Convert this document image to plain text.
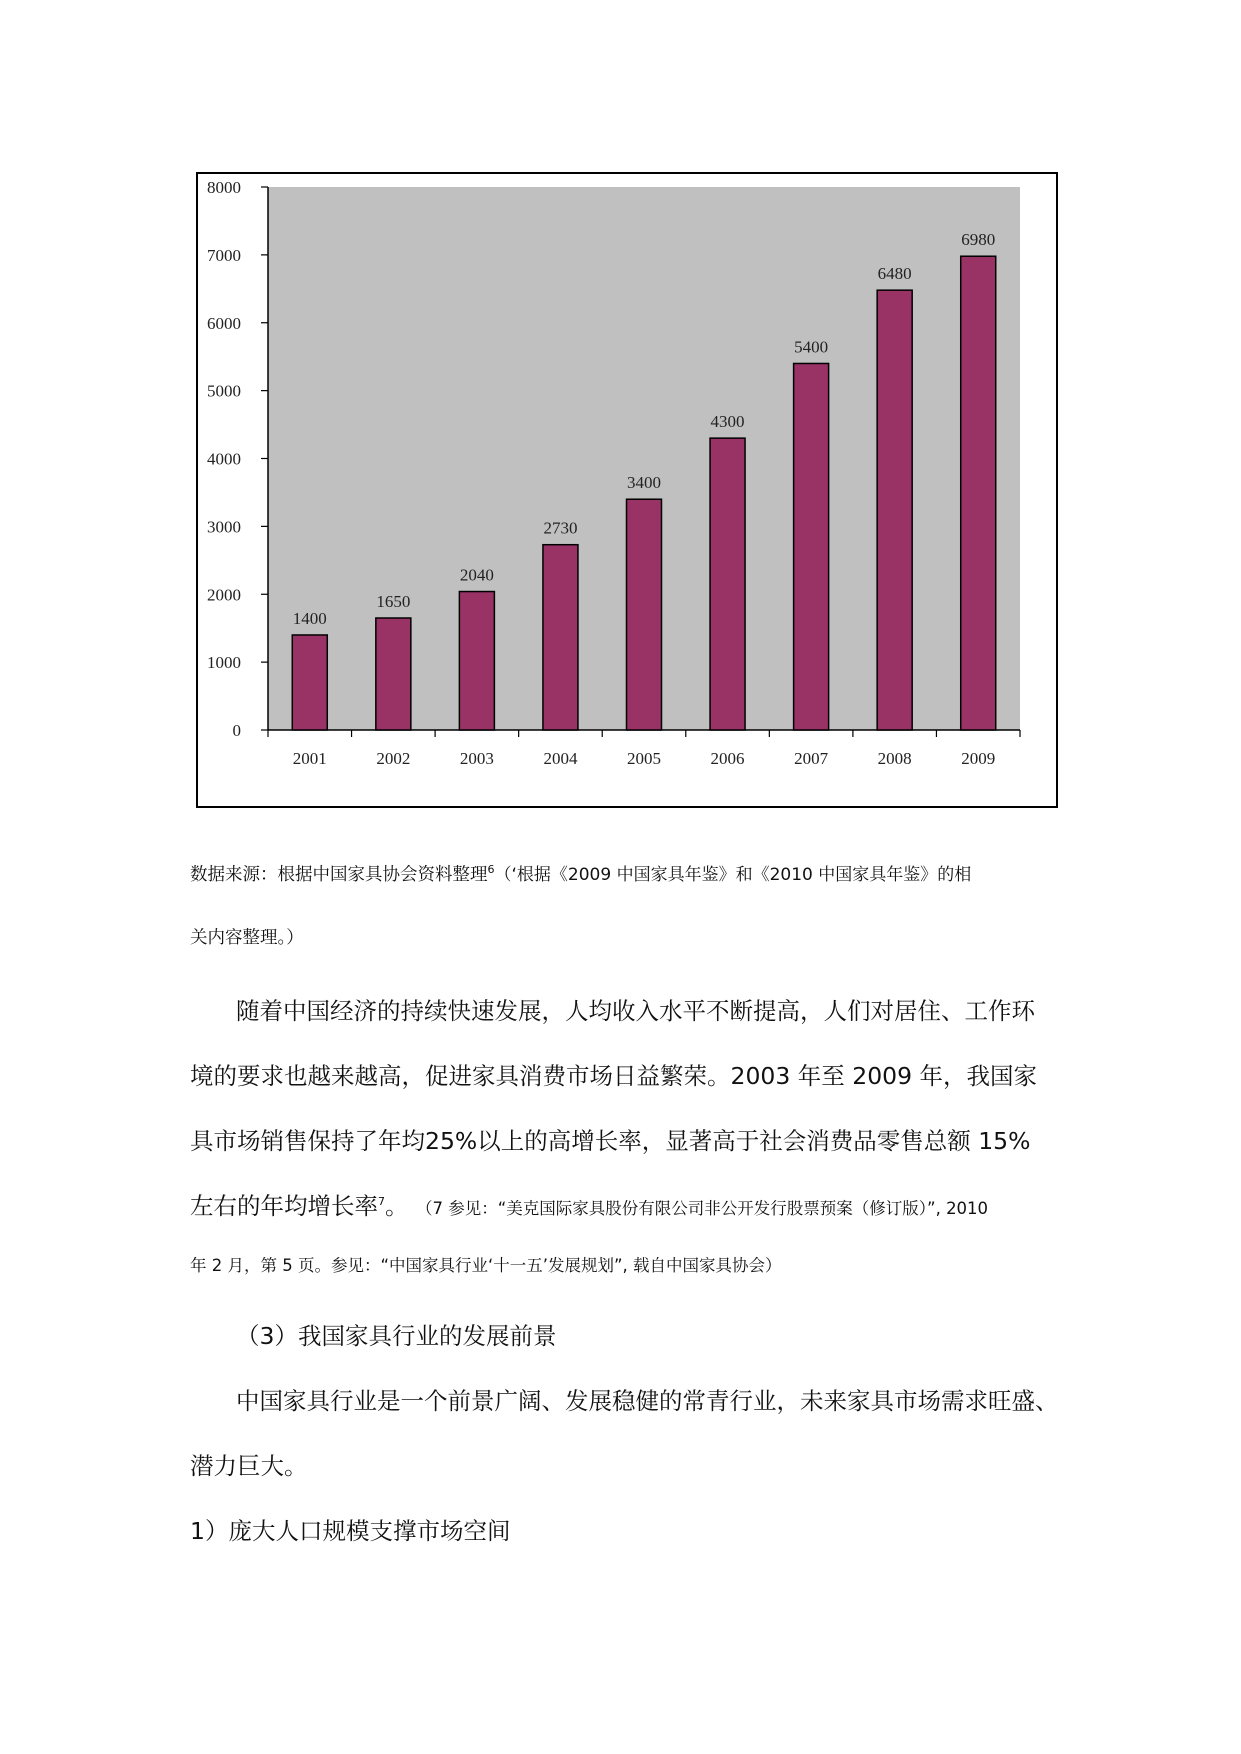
0
1000
2000
3000
4000
5000
6000
7000
8000
1400
2001
1650
2002
2040
2003
2730
2004
3400
2005
4300
2006
5400
2007
6480
2008
6980
2009
数据来源：根据中国家具协会资料整理$^6$（‘根据《2009 中国家具年鉴》和《2010 中国家具年鉴》的相
关内容整理。）
随着中国经济的持续快速发展，人均收入水平不断提高，人们对居住、工作环
境的要求也越来越高，促进家具消费市场日益繁荣。2003 年至 2009 年，我国家
具市场销售保持了年均25%以上的高增长率，显著高于社会消费品零售总额 15%
左右的年均增长率$^7$。 （7 参见：“美克国际家具股份有限公司非公开发行股票预案（修订版）”, 2010
年 2 月，第 5 页。参见：“中国家具行业‘十一五’发展规划”, 载自中国家具协会）
（3）我国家具行业的发展前景
中国家具行业是一个前景广阔、发展稳健的常青行业，未来家具市场需求旺盛、
潜力巨大。
1）庞大人口规模支撑市场空间
